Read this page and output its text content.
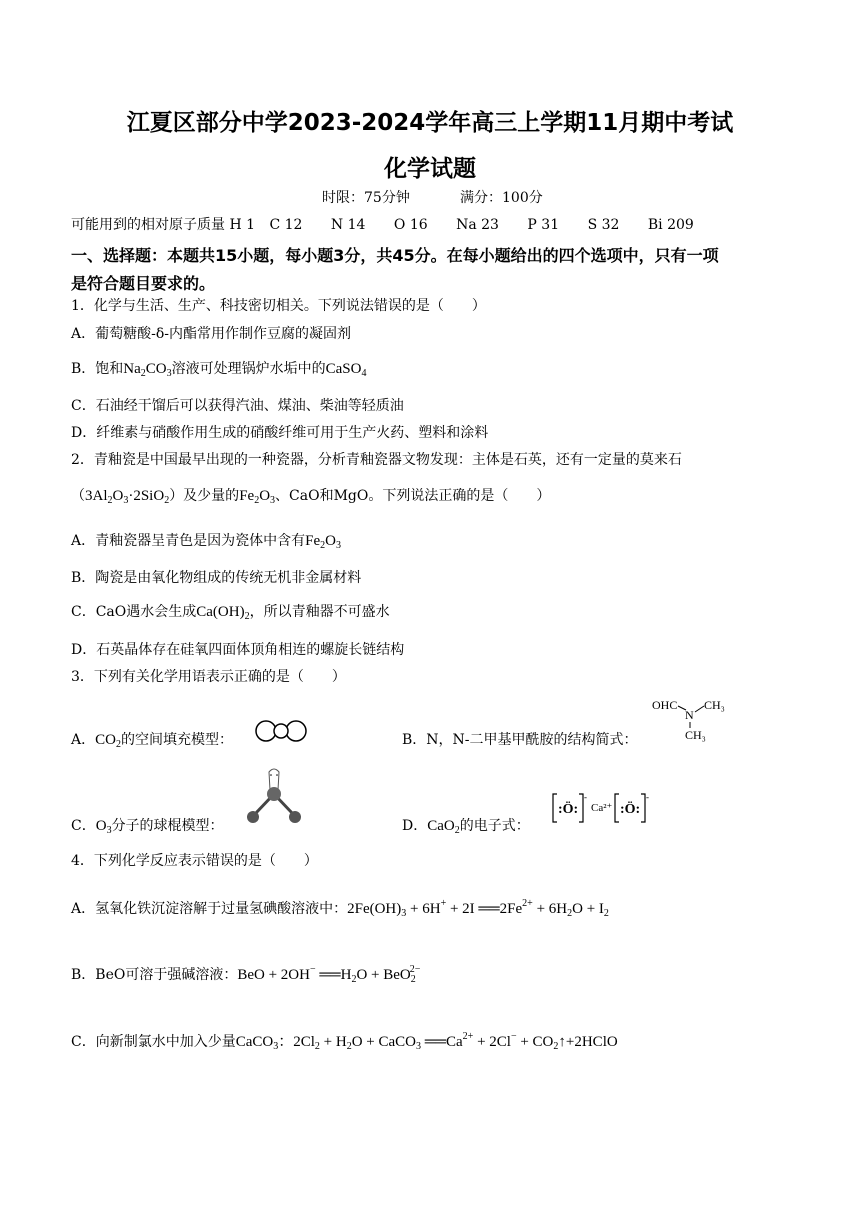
江夏区部分中学2023-2024学年高三上学期11月期中考试
化学试题
时限：75分钟	满分：100分
可能用到的相对原子质量 H 1 C 12 N 14 O 16 Na 23 P 31 S 32 Bi 209
一、选择题：本题共15小题，每小题3分，共45分。在每小题给出的四个选项中，只有一项
是符合题目要求的。
1．化学与生活、生产、科技密切相关。下列说法错误的是（　　）
A．葡萄糖酸-δ-内酯常用作制作豆腐的凝固剂
B．饱和$Na_2CO_3$溶液可处理锅炉水垢中的CaSO$_4$
C．石油经干馏后可以获得汽油、煤油、柴油等轻质油
D．纤维素与硝酸作用生成的硝酸纤维可用于生产火药、塑料和涂料
2．青釉瓷是中国最早出现的一种瓷器，分析青釉瓷器文物发现：主体是石英，还有一定量的莫来石
$(3Al_2O_3\cdot 2SiO_2)$及少量的$Fe_2O_3$、CaO和MgO。下列说法正确的是（　　）
A．青釉瓷器呈青色是因为瓷体中含有$Fe_2O_3$
B．陶瓷是由氧化物组成的传统无机非金属材料
C．CaO遇水会生成$Ca(OH)_2$，所以青釉器不可盛水
D．石英晶体存在硅氧四面体顶角相连的螺旋长链结构
3．下列有关化学用语表示正确的是（　　）
A．$CO_2$的空间填充模型：	B．N，N-二甲基甲酰胺的结构简式：
OHC
N
CH₃
CH₃
C．$O_3$分子的球棍模型：	D．CaO$_2$的电子式：
:Ö:
-
Ca²⁺ :Ö:
-
4．下列化学反应表示错误的是（　　）
A．氢氧化铁沉淀溶解于过量氢碘酸溶液中：$2Fe(OH)_3 + 6H^+ + 2I$ $══2Fe^{2+} + 6H_2O + I_2$
B．BeO可溶于强碱溶液：BeO + 2OH− $══H_2O + BeO_2^{2-}$
C．向新制氯水中加入少量CaCO$_3$：$2Cl_2 + H_2O$ + CaCO$_3$ $══Ca^{2+} + 2Cl^-$ + $CO_2↑+2HClO$
